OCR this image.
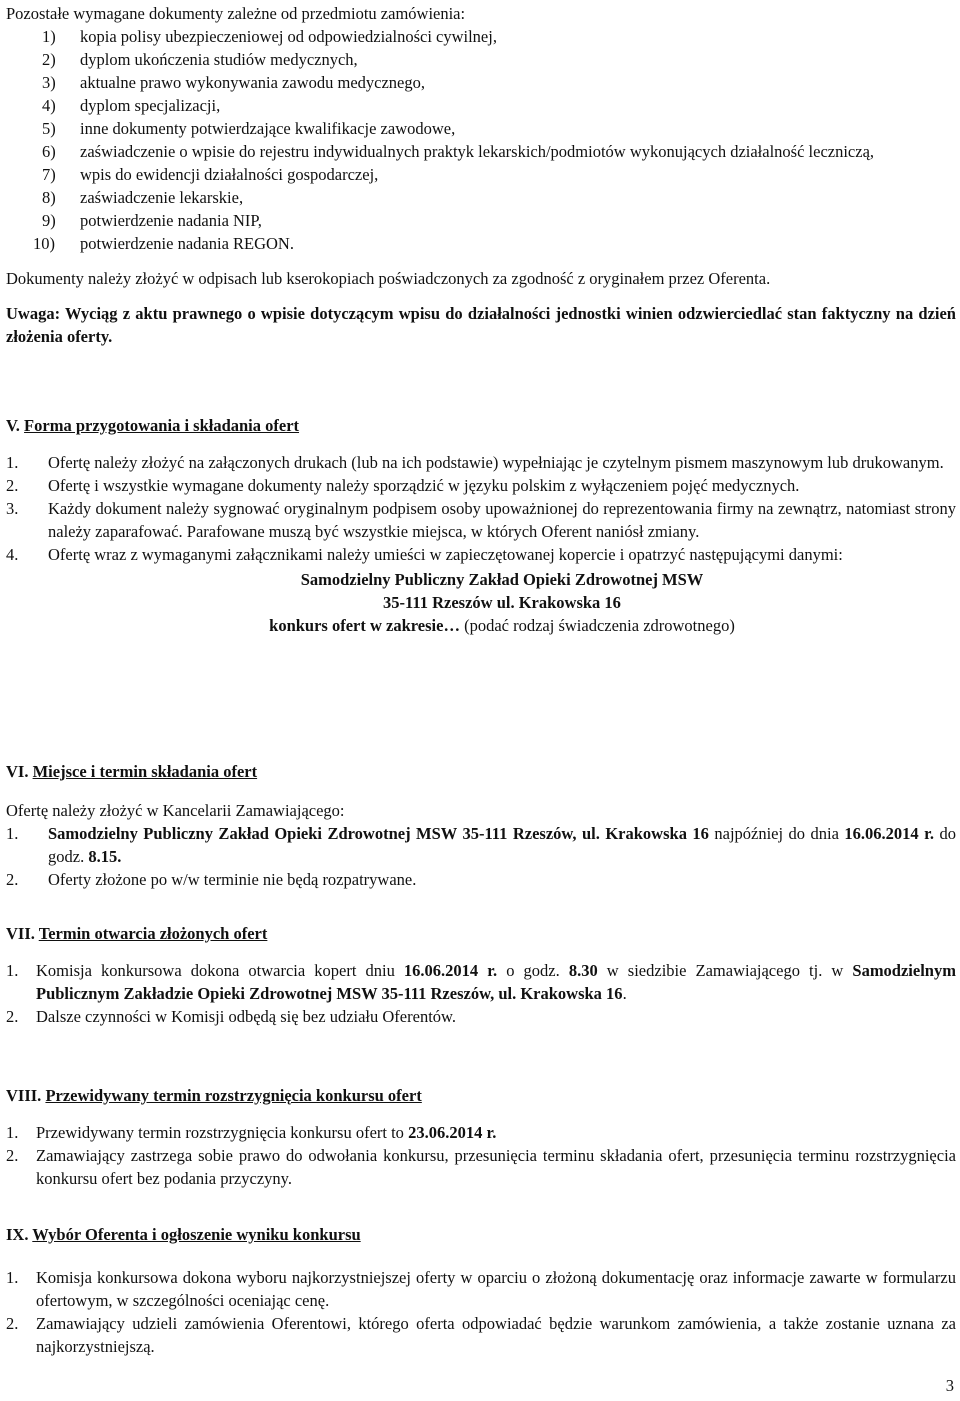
Pozostałe wymagane dokumenty zależne od przedmiotu zamówienia:

1) kopia polisy ubezpieczeniowej od odpowiedzialności cywilnej,
2) dyplom ukończenia studiów medycznych,
3) aktualne prawo wykonywania zawodu medycznego,
4) dyplom specjalizacji,
5) inne dokumenty potwierdzające kwalifikacje zawodowe,
6) zaświadczenie o wpisie do rejestru indywidualnych praktyk lekarskich/podmiotów wykonujących działalność leczniczą,
7) wpis do ewidencji działalności gospodarczej,
8) zaświadczenie lekarskie,
9) potwierdzenie nadania NIP,
10) potwierdzenie nadania REGON.

Dokumenty należy złożyć w odpisach lub kserokopiach poświadczonych za zgodność z oryginałem przez Oferenta.

Uwaga: Wyciąg z aktu prawnego o wpisie dotyczącym wpisu do działalności jednostki winien odzwierciedlać stan faktyczny na dzień złożenia oferty.

V. Forma przygotowania i składania ofert

1. Ofertę należy złożyć na załączonych drukach (lub na ich podstawie) wypełniając je czytelnym pismem maszynowym lub drukowanym.
2. Ofertę i wszystkie wymagane dokumenty należy sporządzić w języku polskim z wyłączeniem pojęć medycznych.
3. Każdy dokument należy sygnować oryginalnym podpisem osoby upoważnionej do reprezentowania firmy na zewnątrz, natomiast strony należy zaparafować. Parafowane muszą być wszystkie miejsca, w których Oferent naniósł zmiany.
4. Ofertę wraz z wymaganymi załącznikami należy umieści w zapieczętowanej kopercie i opatrzyć następującymi danymi:

Samodzielny Publiczny Zakład Opieki Zdrowotnej MSW

35-111 Rzeszów ul. Krakowska 16

konkurs ofert w zakresie… (podać rodzaj świadczenia zdrowotnego)

VI. Miejsce i termin składania ofert

Ofertę należy złożyć w Kancelarii Zamawiającego:

1. Samodzielny Publiczny Zakład Opieki Zdrowotnej MSW 35-111 Rzeszów, ul. Krakowska 16 najpóźniej do dnia 16.06.2014 r. do godz. 8.15.
2. Oferty złożone po w/w terminie nie będą rozpatrywane.

VII. Termin otwarcia złożonych ofert

1. Komisja konkursowa dokona otwarcia kopert dniu 16.06.2014 r. o godz. 8.30 w siedzibie Zamawiającego tj. w Samodzielnym Publicznym Zakładzie Opieki Zdrowotnej MSW 35-111 Rzeszów, ul. Krakowska 16.
2. Dalsze czynności w Komisji odbędą się bez udziału Oferentów.

VIII. Przewidywany termin rozstrzygnięcia konkursu ofert

1. Przewidywany termin rozstrzygnięcia konkursu ofert to 23.06.2014 r.
2. Zamawiający zastrzega sobie prawo do odwołania konkursu, przesunięcia terminu składania ofert, przesunięcia terminu rozstrzygnięcia konkursu ofert bez podania przyczyny.

IX. Wybór Oferenta i ogłoszenie wyniku konkursu

1. Komisja konkursowa dokona wyboru najkorzystniejszej oferty w oparciu o złożoną dokumentację oraz informacje zawarte w formularzu ofertowym, w szczególności oceniając cenę.
2. Zamawiający udzieli zamówienia Oferentowi, którego oferta odpowiadać będzie warunkom zamówienia, a także zostanie uznana za najkorzystniejszą.
3
